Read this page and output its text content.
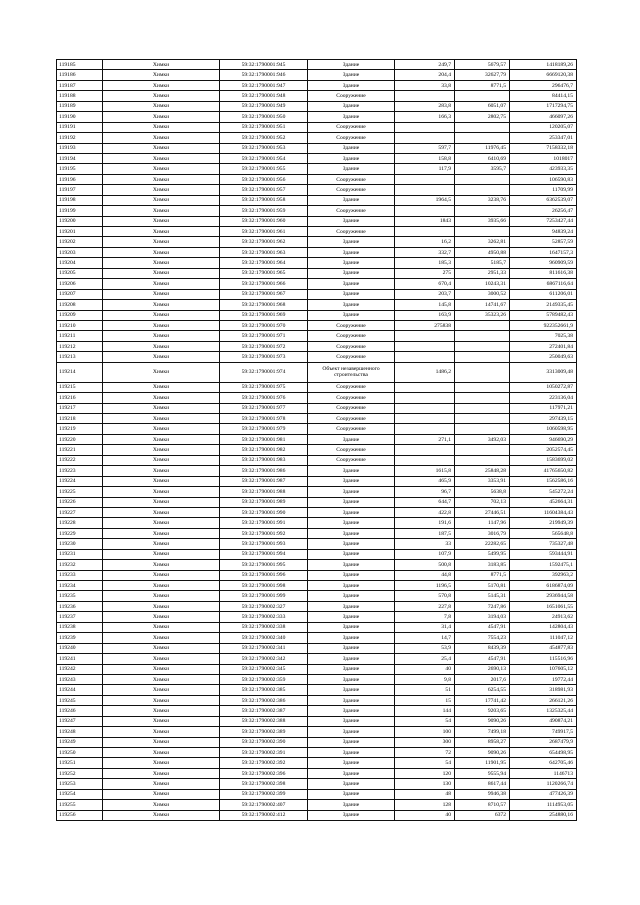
119185	Химки	59:32:1790001:945	Здание	249,7	5679,57	1418189,26
119186	Химки	59:32:1790001:946	Здание	204,4	32627,79	6669120,38
119187	Химки	59:32:1790001:947	Здание	33,8	8771,5	296476,7
119188	Химки	59:32:1790001:948	Сооружение			84414,15
119189	Химки	59:32:1790001:949	Здание	283,8	6051,07	1717294,75
119190	Химки	59:32:1790001:950	Здание	166,3	2802,75	466097,26
119191	Химки	59:32:1790001:951	Сооружение			120205,07
119192	Химки	59:32:1790001:952	Сооружение			253347,01
119193	Химки	59:32:1790001:953	Здание	597,7	11976,45	7158332,18
119194	Химки	59:32:1790001:954	Здание	158,8	6410,69	1018017
119195	Химки	59:32:1790001:955	Здание	117,9	3595,7	423933,35
119196	Химки	59:32:1790001:956	Сооружение			106590,83
119197	Химки	59:32:1790001:957	Сооружение			11709,99
119198	Химки	59:32:1790001:958	Здание	1964,5	3238,76	6362539,07
119199	Химки	59:32:1790001:959	Сооружение			26256,47
119200	Химки	59:32:1790001:960	Здание	1843	3935,66	7253427,44
119201	Химки	59:32:1790001:961	Сооружение			94839,24
119202	Химки	59:32:1790001:962	Здание	16,2	3262,81	52857,59
119203	Химки	59:32:1790001:963	Здание	332,7	4950,88	1647157,3
119204	Химки	59:32:1790001:964	Здание	185,3	5185,7	960909,59
119205	Химки	59:32:1790001:965	Здание	275	2951,33	811616,38
119206	Химки	59:32:1790001:966	Здание	670,4	10243,31	6867116,64
119207	Химки	59:32:1790001:967	Здание	203,7	3000,52	611206,01
119208	Химки	59:32:1790001:968	Здание	145,8	14741,67	2149335,45
119209	Химки	59:32:1790001:969	Здание	163,9	35323,26	5789482,43
119210	Химки	59:32:1790001:970	Сооружение	275838		922352661,9
119211	Химки	59:32:1790001:971	Сооружение			7025,38
119212	Химки	59:32:1790001:972	Сооружение			272401,84
119213	Химки	59:32:1790001:973	Сооружение			250049,63
119214	Химки	59:32:1790001:974	Объект незавершенного строительства	1486,2		3313009,48
119215	Химки	59:32:1790001:975	Сооружение			1050272,87
119216	Химки	59:32:1790001:976	Сооружение			223136,04
119217	Химки	59:32:1790001:977	Сооружение			117971,21
119218	Химки	59:32:1790001:978	Сооружение			297439,15
119219	Химки	59:32:1790001:979	Сооружение			1060598,95
119220	Химки	59:32:1790001:981	Здание	271,1	3492,03	946690,29
119221	Химки	59:32:1790001:982	Сооружение			2052574,45
119222	Химки	59:32:1790001:983	Сооружение			1583699,02
119223	Химки	59:32:1790001:986	Здание	1615,8	25848,28	41765650,82
119224	Химки	59:32:1790001:987	Здание	465,9	3353,91	1562586,16
119225	Химки	59:32:1790001:988	Здание	96,7	5638,8	545272,24
119226	Химки	59:32:1790001:989	Здание	644,7	702,13	452664,31
119227	Химки	59:32:1790001:990	Здание	422,8	27446,51	11604384,43
119228	Химки	59:32:1790001:991	Здание	191,6	1147,96	219949,39
119229	Химки	59:32:1790001:992	Здание	187,5	3016,79	565648,8
119230	Химки	59:32:1790001:993	Здание	33	22282,65	735327,48
119231	Химки	59:32:1790001:994	Здание	107,9	5499,95	593444,91
119232	Химки	59:32:1790001:995	Здание	500,8	3183,85	1592475,1
119233	Химки	59:32:1790001:996	Здание	44,8	8771,5	392963,2
119234	Химки	59:32:1790001:998	Здание	1196,5	5170,81	6186874,09
119235	Химки	59:32:1790001:999	Здание	570,8	5145,31	2936944,58
119236	Химки	59:32:1790002:327	Здание	227,8	7247,86	1651061,55
119237	Химки	59:32:1790002:333	Здание	7,8	3194,03	24913,62
119238	Химки	59:32:1790002:338	Здание	31,4	4547,91	142804,43
119239	Химки	59:32:1790002:340	Здание	14,7	7554,23	111047,12
119240	Химки	59:32:1790002:341	Здание	53,9	8439,39	454877,83
119241	Химки	59:32:1790002:342	Здание	25,4	4547,91	115516,96
119242	Химки	59:32:1790002:345	Здание	40	2690,13	107605,12
119243	Химки	59:32:1790002:359	Здание	9,8	2017,6	19772,44
119244	Химки	59:32:1790002:385	Здание	51	6254,55	318981,93
119245	Химки	59:32:1790002:386	Здание	15	17741,42	266121,26
119246	Химки	59:32:1790002:387	Здание	144	9203,65	1325325,44
119247	Химки	59:32:1790002:388	Здание	54	9090,26	490874,21
119248	Химки	59:32:1790002:389	Здание	100	7499,18	749917,5
119249	Химки	59:32:1790002:390	Здание	300	8958,27	2687479,9
119250	Химки	59:32:1790002:391	Здание	72	9090,26	654498,95
119251	Химки	59:32:1790002:392	Здание	54	11901,95	642705,46
119252	Химки	59:32:1790002:396	Здание	120	9555,94	1146713
119253	Химки	59:32:1790002:398	Здание	130	8617,44	1120266,74
119254	Химки	59:32:1790002:399	Здание	48	9946,38	477426,39
119255	Химки	59:32:1790002:407	Здание	128	8710,57	1114953,05
119256	Химки	59:32:1790002:412	Здание	40	6372	254880,16
